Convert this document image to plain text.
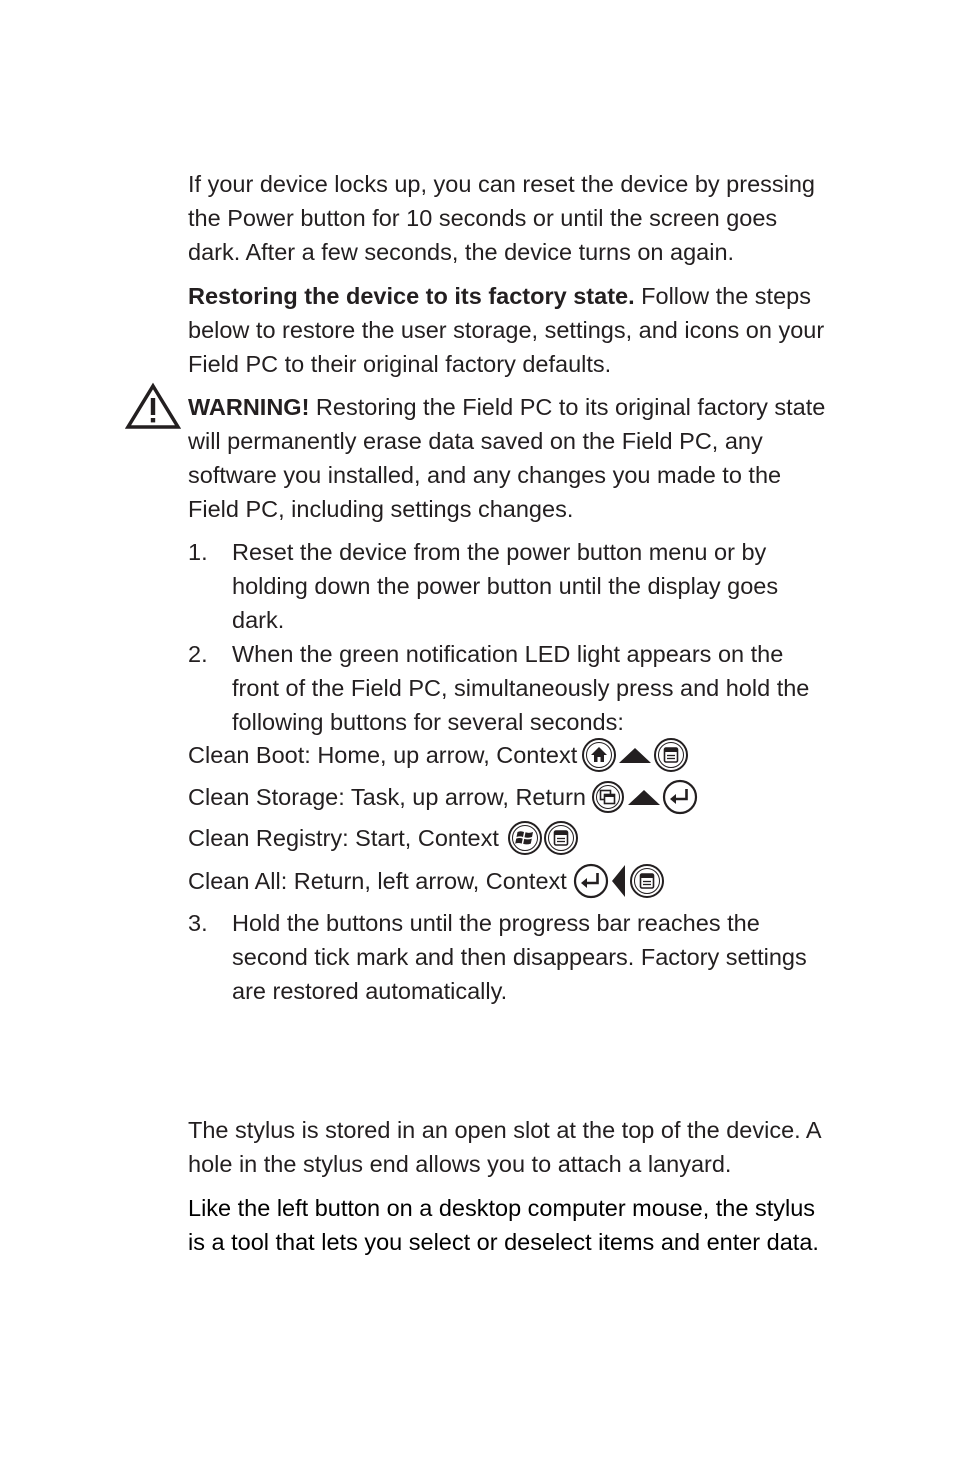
If your device locks up, you can reset the device by pressing the Power button for 10 seconds or until the screen goes dark. After a few seconds, the device turns on again.

Restoring the device to its factory state. Follow the steps below to restore the user storage, settings, and icons on your Field PC to their original factory defaults.

WARNING! Restoring the Field PC to its original factory state will permanently erase data saved on the Field PC, any software you installed, and any changes you made to the Field PC, including settings changes.

1.	Reset the device from the power button menu or by holding down the power button until the display goes dark.
2.	When the green notification LED light appears on the front of the Field PC, simultaneously press and hold the following buttons for several seconds:
Clean Boot: Home, up arrow, Context
Clean Storage: Task, up arrow, Return
Clean Registry: Start, Context
Clean All: Return, left arrow, Context
3.	Hold the buttons until the progress bar reaches the second tick mark and then disappears. Factory settings are restored automatically.

The stylus is stored in an open slot at the top of the device. A hole in the stylus end allows you to attach a lanyard.

Like the left button on a desktop computer mouse, the stylus is a tool that lets you select or deselect items and enter data.
